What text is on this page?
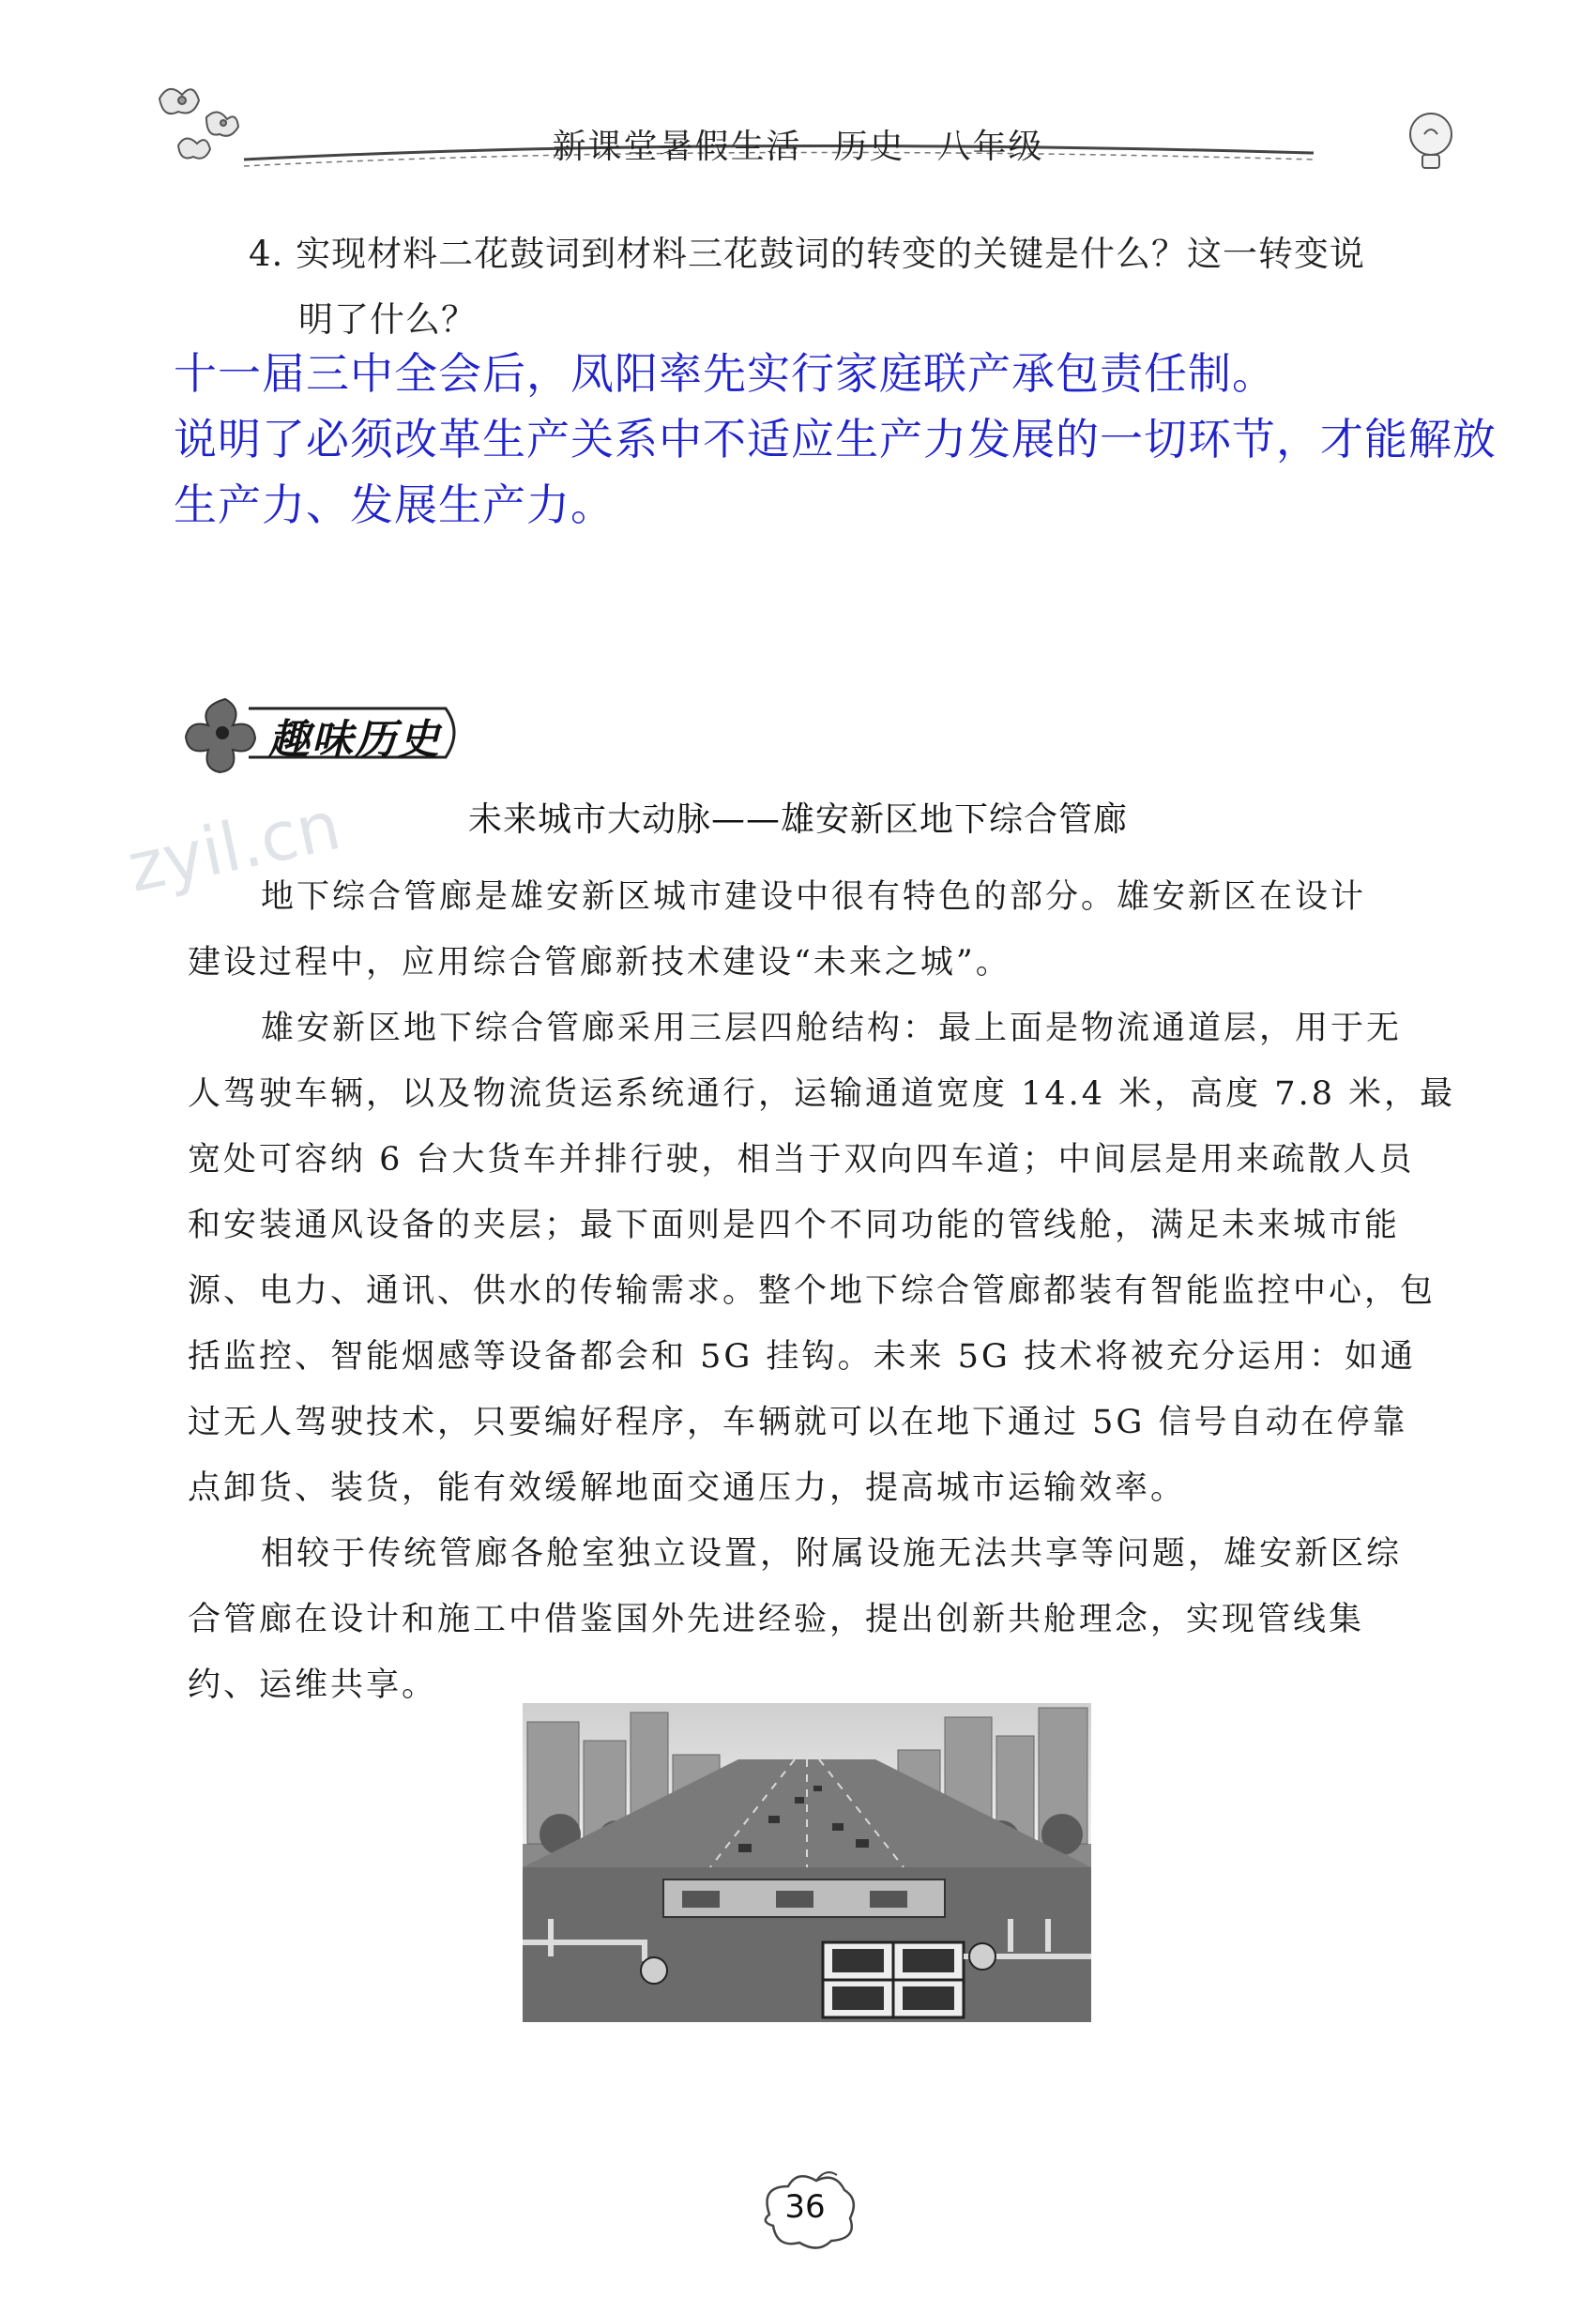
新课堂暑假生活 历史 八年级
4. 实现材料二花鼓词到材料三花鼓词的转变的关键是什么？这一转变说
明了什么？
十一届三中全会后，凤阳率先实行家庭联产承包责任制。
说明了必须改革生产关系中不适应生产力发展的一切环节，才能解放
生产力、发展生产力。
趣味历史
zyil.cn	未来城市大动脉——雄安新区地下综合管廊
地下综合管廊是雄安新区城市建设中很有特色的部分。雄安新区在设计
建设过程中，应用综合管廊新技术建设“未来之城”。
雄安新区地下综合管廊采用三层四舱结构：最上面是物流通道层，用于无
人驾驶车辆，以及物流货运系统通行，运输通道宽度 14.4 米，高度 7.8 米，最
宽处可容纳 6 台大货车并排行驶，相当于双向四车道；中间层是用来疏散人员
和安装通风设备的夹层；最下面则是四个不同功能的管线舱，满足未来城市能
源、电力、通讯、供水的传输需求。整个地下综合管廊都装有智能监控中心，包
括监控、智能烟感等设备都会和 5G 挂钩。未来 5G 技术将被充分运用：如通
过无人驾驶技术，只要编好程序，车辆就可以在地下通过 5G 信号自动在停靠
点卸货、装货，能有效缓解地面交通压力，提高城市运输效率。
相较于传统管廊各舱室独立设置，附属设施无法共享等问题，雄安新区综
合管廊在设计和施工中借鉴国外先进经验，提出创新共舱理念，实现管线集
约、运维共享。
36
